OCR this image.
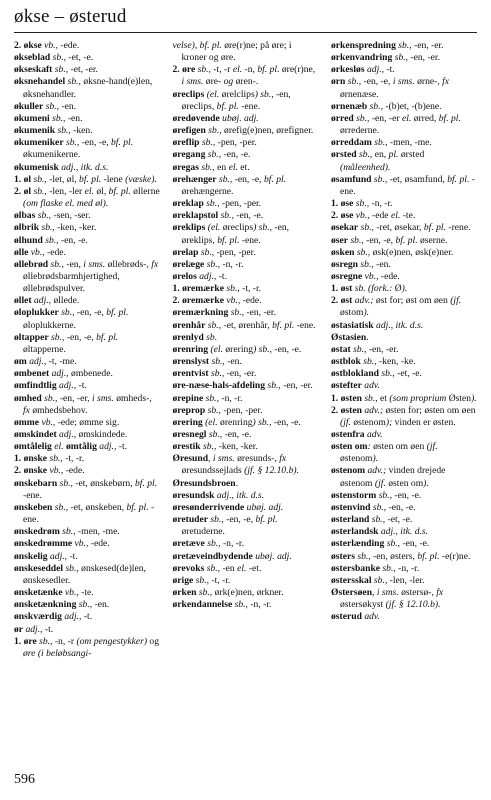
økse – østerud

2. økse vb., -ede.

økseblad sb., -et, -e.

økseskaft sb., -et, -er.

øksnehandel sb., øksne-hand(e)len, øksnehandler.

økuller sb., -en.

økumeni sb., -en.

økumenik sb., -ken.

økumeniker sb., -en, -e, bf. pl. økumenikerne.

økumenisk adj., itk. d.s.

1. øl sb., -let, øl, bf. pl. -lene (væske).

2. øl sb., -len, -ler el. øl, bf. pl. øllerne (om flaske el. med øl).

ølbas sb., -sen, -ser.

ølbrik sb., -ken, -ker.

ølhund sb., -en, -e.

ølle vb., -ede.

øllebrød sb., -en, i sms. øllebrøds-, fx øllebrødsbarmhjertighed, øllebrødspulver.

øllet adj., øllede.

øloplukker sb., -en, -e, bf. pl. øloplukkerne.

øltapper sb., -en, -e, bf. pl. øltapperne.

øm adj., -t, -me.

ømbenet adj., ømbenede.

ømfindtlig adj., -t.

ømhed sb., -en, -er, i sms. ømheds-, fx ømhedsbehov.

ømme vb., -ede; ømme sig.

ømskindet adj., ømskindede.

ømtålelig el. ømtålig adj., -t.

1. ønske sb., -t, -r.

2. ønske vb., -ede.

ønskebarn sb., -et, ønskebørn, bf. pl. -ene.

ønskeben sb., -et, ønskeben, bf. pl. -ene.

ønskedrøm sb., -men, -me.

ønskedrømme vb., -ede.

ønskelig adj., -t.

ønskeseddel sb., ønskesed(de)len, ønskesedler.

ønsketænke vb., -te.

ønsketænkning sb., -en.

ønskværdig adj., -t.

ør adj., -t.

1. øre sb., -n, -r (om pengestykker) og øre (i beløbsangi-

velse), bf. pl. øre(r)ne; på øre; i kroner og øre.

2. øre sb., -t, -r el. -n, bf. pl. øre(r)ne, i sms. øre- og øren-.

øreclips (el. ørelclips) sb., -en, øreclips, bf. pl. -ene.

øredøvende ubøj. adj.

ørefigen sb., ørefig(e)nen, ørefigner.

øreflip sb., -pen, -per.

øregang sb., -en, -e.

øregas sb., en el. et.

ørehænger sb., -en, -e, bf. pl. ørehængerne.

øreklap sb., -pen, -per.

øreklapstol sb., -en, -e.

øreklips (el. øreclips) sb., -en, øreklips, bf. pl. -ene.

ørelap sb., -pen, -per.

ørelæge sb., -n, -r.

ørelos adj., -t.

1. øremærke sb., -t, -r.

2. øremærke vb., -ede.

øremærkning sb., -en, -er.

ørenhår sb., -et, ørenhår, bf. pl. -ene.

ørenlyd sb.

ørenring (el. ørering) sb., -en, -e.

ørenslyst sb., -en.

ørentvist sb., -en, -er.

øre-næse-hals-afdeling sb., -en, -er.

ørepine sb., -n, -r.

øreprop sb., -pen, -per.

ørering (el. ørenring) sb., -en, -e.

øresnegl sb., -en, -e.

ørestik sb., -ken, -ker.

Øresund, i sms. øresunds-, fx øresundssejlads (jf. § 12.10.b).

Øresundsbroen.

øresundsk adj., itk. d.s.

øresønderrivende ubøj. adj.

øretuder sb., -en, -e, bf. pl. øretuderne.

øretæve sb., -n, -r.

øretæveindbydende ubøj. adj.

ørevoks sb., -en el. -et.

ørige sb., -t, -r.

ørken sb., ørk(e)nen, ørkner.

ørkendannelse sb., -n, -r.

ørkenspredning sb., -en, -er.

ørkenvandring sb., -en, -er.

ørkesløs adj., -t.

ørn sb., -en, -e, i sms. ørne-, fx ørnenæse.

ørnenæb sb., -(b)et, -(b)ene.

ørred sb., -en, -er el. ørred, bf. pl. ørrederne.

ørreddam sb., -men, -me.

ørsted sb., en, pl. ørsted (måleenhed).

øsamfund sb., -et, øsamfund, bf. pl. -ene.

1. øse sb., -n, -r.

2. øse vb., -ede el. -te.

øsekar sb., -ret, øsekar, bf. pl. -rene.

øser sb., -en, -e, bf. pl. øserne.

øsken sb., øsk(e)nen, øsk(e)ner.

øsregn sb., -en.

øsregne vb., -ede.

1. øst sb. (fork.: Ø).

2. øst adv.; øst for; øst om øen (jf. østom).

østasiatisk adj., itk. d.s.

Østasien.

østat sb., -en, -er.

østblok sb., -ken, -ke.

østblokland sb., -et, -e.

østefter adv.

1. østen sb., et (som proprium Østen).

2. østen adv.; østen for; østen om øen (jf. østenom); vinden er østen.

østenfra adv.

østen om: østen om øen (jf. østenom).

østenom adv.; vinden drejede østenom (jf. østen om).

østenstorm sb., -en, -e.

østenvind sb., -en, -e.

østerland sb., -et, -e.

østerlandsk adj., itk. d.s.

østerlænding sb., -en, -e.

østers sb., -en, østers, bf. pl. -e(r)ne.

østersbanke sb., -n, -r.

østersskal sb., -len, -ler.

Østersøen, i sms. østersø-, fx østersøkyst (jf. § 12.10.b).

østerud adv.

596
